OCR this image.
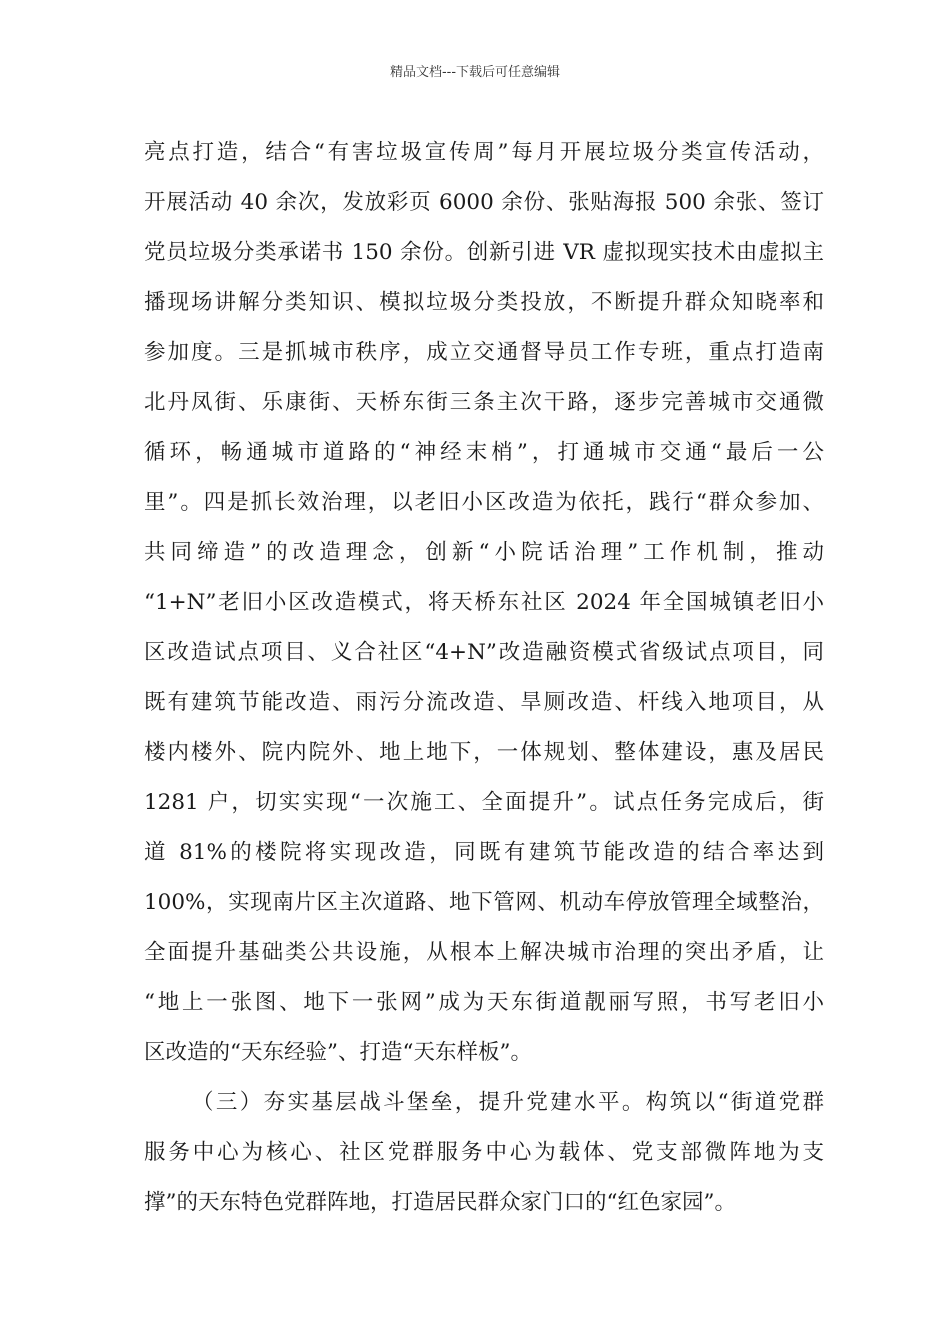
精品文档---下载后可任意编辑
亮点打造，结合“有害垃圾宣传周”每月开展垃圾分类宣传活动，
开展活动 40 余次，发放彩页 6000 余份、张贴海报 500 余张、签订
党员垃圾分类承诺书 150 余份。创新引进 VR 虚拟现实技术由虚拟主
播现场讲解分类知识、模拟垃圾分类投放，不断提升群众知晓率和
参加度。三是抓城市秩序，成立交通督导员工作专班，重点打造南
北丹凤街、乐康街、天桥东街三条主次干路，逐步完善城市交通微
循环，畅通城市道路的“神经末梢”，打通城市交通“最后一公
里”。四是抓长效治理，以老旧小区改造为依托，践行“群众参加、
共同缔造”的改造理念，创新“小院话治理”工作机制，推动
“1+N”老旧小区改造模式，将天桥东社区 2024 年全国城镇老旧小
区改造试点项目、义合社区“4+N”改造融资模式省级试点项目，同
既有建筑节能改造、雨污分流改造、旱厕改造、杆线入地项目，从
楼内楼外、院内院外、地上地下，一体规划、整体建设，惠及居民
1281 户，切实实现“一次施工、全面提升”。试点任务完成后，街
道 81%的楼院将实现改造，同既有建筑节能改造的结合率达到
100%，实现南片区主次道路、地下管网、机动车停放管理全域整治，
全面提升基础类公共设施，从根本上解决城市治理的突出矛盾，让
“地上一张图、地下一张网”成为天东街道靓丽写照，书写老旧小
区改造的“天东经验”、打造“天东样板”。
（三）夯实基层战斗堡垒，提升党建水平。构筑以“街道党群
服务中心为核心、社区党群服务中心为载体、党支部微阵地为支
撑”的天东特色党群阵地，打造居民群众家门口的“红色家园”。
